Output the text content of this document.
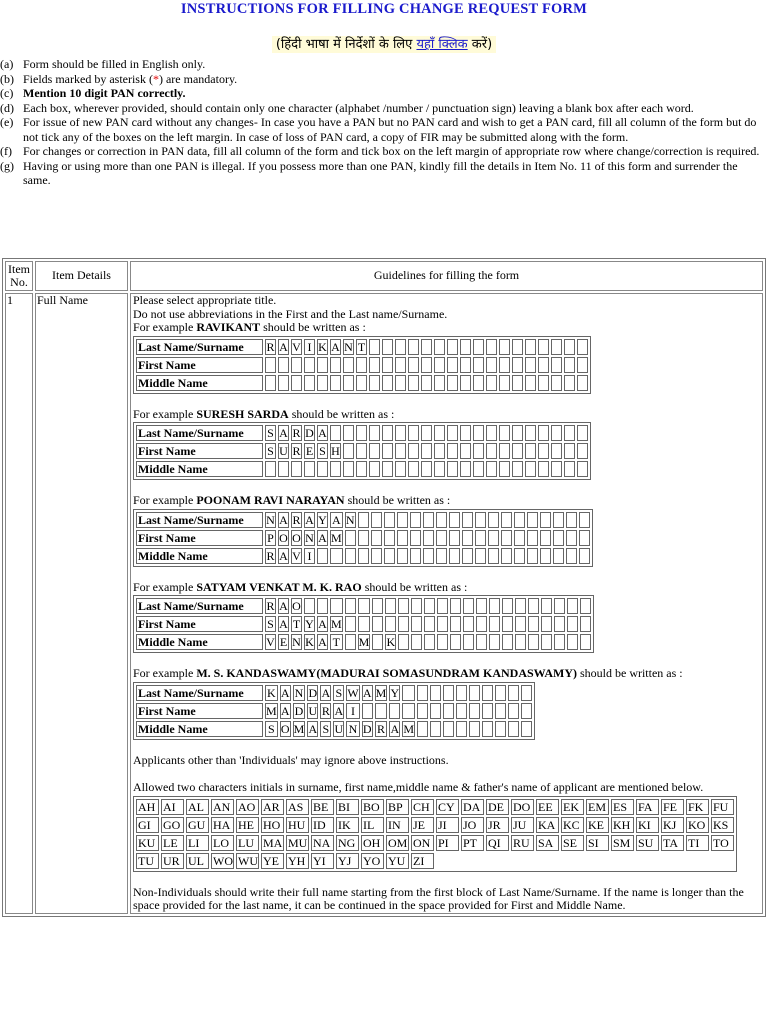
INSTRUCTIONS FOR FILLING CHANGE REQUEST FORM
(हिंदी भाषा में निर्देशों के लिए यहाँ क्लिक करें)
(a) Form should be filled in English only.
(b) Fields marked by asterisk (*) are mandatory.
(c) Mention 10 digit PAN correctly.
(d) Each box, wherever provided, should contain only one character (alphabet /number / punctuation sign) leaving a blank box after each word.
(e) For issue of new PAN card without any changes- In case you have a PAN but no PAN card and wish to get a PAN card, fill all column of the form but do not tick any of the boxes on the left margin. In case of loss of PAN card, a copy of FIR may be submitted along with the form.
(f) For changes or correction in PAN data, fill all column of the form and tick box on the left margin of appropriate row where change/correction is required.
(g) Having or using more than one PAN is illegal. If you possess more than one PAN, kindly fill the details in Item No. 11 of this form and surrender the same.
Item No.	Item Details	Guidelines for filling the form
1	Full Name	Please select appropriate title.

Do not use abbreviations in the First and the Last name/Surname.

For example RAVIKANT should be written as :

Last Name/Surname	R	A	V	I	K	A	N	T																	
First Name																									
Middle Name																									

For example SURESH SARDA should be written as :

Last Name/Surname	S	A	R	D	A																				
First Name	S	U	R	E	S	H																			
Middle Name																									

For example POONAM RAVI NARAYAN should be written as :

Last Name/Surname	N	A	R	A	Y	A	N																		
First Name	P	O	O	N	A	M																			
Middle Name	R	A	V	I																					

For example SATYAM VENKAT M. K. RAO should be written as :

Last Name/Surname	R	A	O																						
First Name	S	A	T	Y	A	M																			
Middle Name	V	E	N	K	A	T		M		K															

For example M. S. KANDASWAMY(MADURAI SOMASUNDRAM KANDASWAMY) should be written as :

Last Name/Surname	K	A	N	D	A	S	W	A	M	Y										
First Name	M	A	D	U	R	A	I													
Middle Name	S	O	M	A	S	U	N	D	R	A	M									

Applicants other than 'Individuals' may ignore above instructions.

Allowed two characters initials in surname, first name,middle name & father's name of applicant are mentioned below.

AH	AI	AL	AN	AO	AR	AS	BE	BI	BO	BP	CH	CY	DA	DE	DO	EE	EK	EM	ES	FA	FE	FK	FU
GI	GO	GU	HA	HE	HO	HU	ID	IK	IL	IN	JE	JI	JO	JR	JU	KA	KC	KE	KH	KI	KJ	KO	KS
KU	LE	LI	LO	LU	MA	MU	NA	NG	OH	OM	ON	PI	PT	QI	RU	SA	SE	SI	SM	SU	TA	TI	TO
TU	UR	UL	WO	WU	YE	YH	YI	YJ	YO	YU	ZI

Non-Individuals should write their full name starting from the first block of Last Name/Surname. If the name is longer than the space provided for the last name, it can be continued in the space provided for First and Middle Name.
